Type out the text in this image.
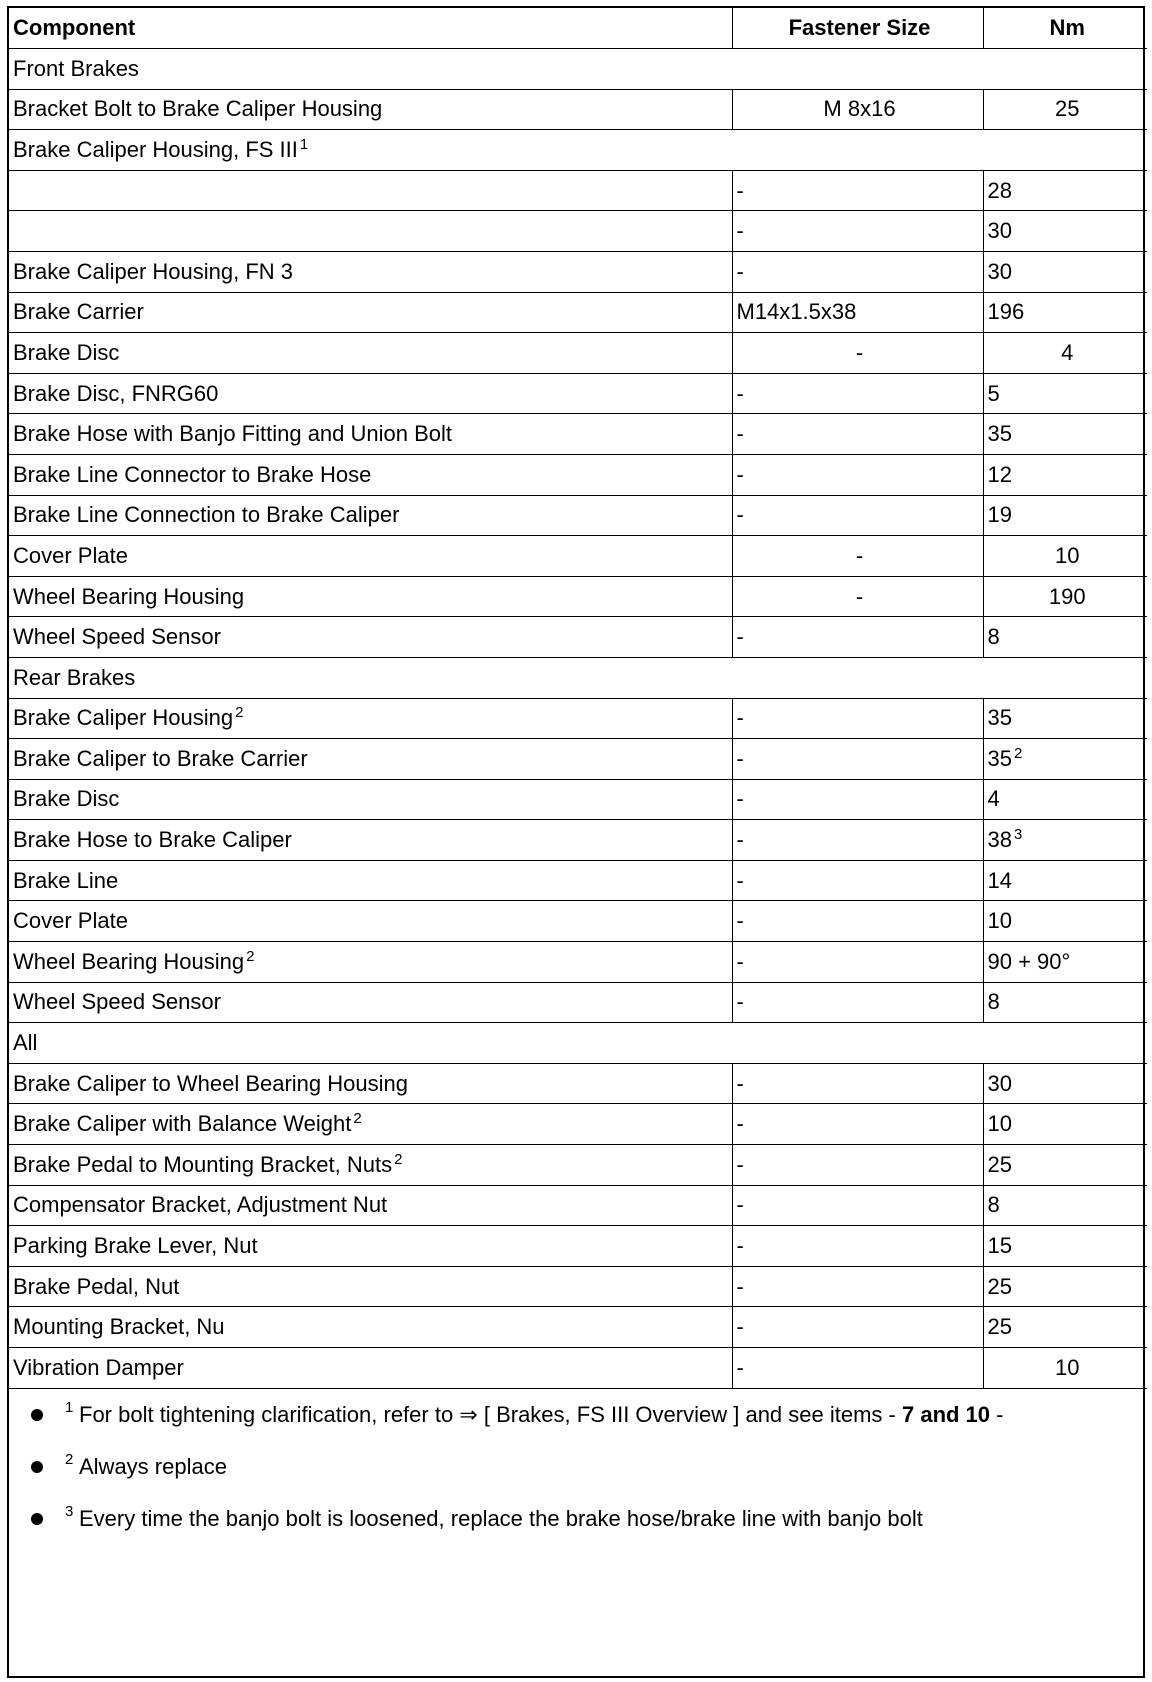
Component	Fastener Size	Nm
Front Brakes		
Bracket Bolt to Brake Caliper Housing	M 8x16	25
Brake Caliper Housing, FS III $^1$
	-	28
	-	30
Brake Caliper Housing, FN 3	-	30
Brake Carrier	M14x1.5x38	196
Brake Disc	-	4
Brake Disc, FNRG60	-	5
Brake Hose with Banjo Fitting and Union Bolt	-	35
Brake Line Connector to Brake Hose	-	12
Brake Line Connection to Brake Caliper	-	19
Cover Plate	-	10
Wheel Bearing Housing	-	190
Wheel Speed Sensor	-	8
Rear Brakes		
Brake Caliper Housing $^2$	-	35
Brake Caliper to Brake Carrier	-	35 $^2$
Brake Disc	-	4
Brake Hose to Brake Caliper	-	38 $^3$
Brake Line	-	14
Cover Plate	-	10
Wheel Bearing Housing $^2$	-	90 + 90°
Wheel Speed Sensor	-	8
All		
Brake Caliper to Wheel Bearing Housing	-	30
Brake Caliper with Balance Weight $^2$	-	10
Brake Pedal to Mounting Bracket, Nuts $^2$	-	25
Compensator Bracket, Adjustment Nut	-	8
Parking Brake Lever, Nut	-	15
Brake Pedal, Nut	-	25
Mounting Bracket, Nu	-	25
Vibration Damper	-	10
1 For bolt tightening clarification, refer to ⇒ [ Brakes, FS III Overview ] and see items - 7 and 10 -
2 Always replace
3 Every time the banjo bolt is loosened, replace the brake hose/brake line with banjo bolt
